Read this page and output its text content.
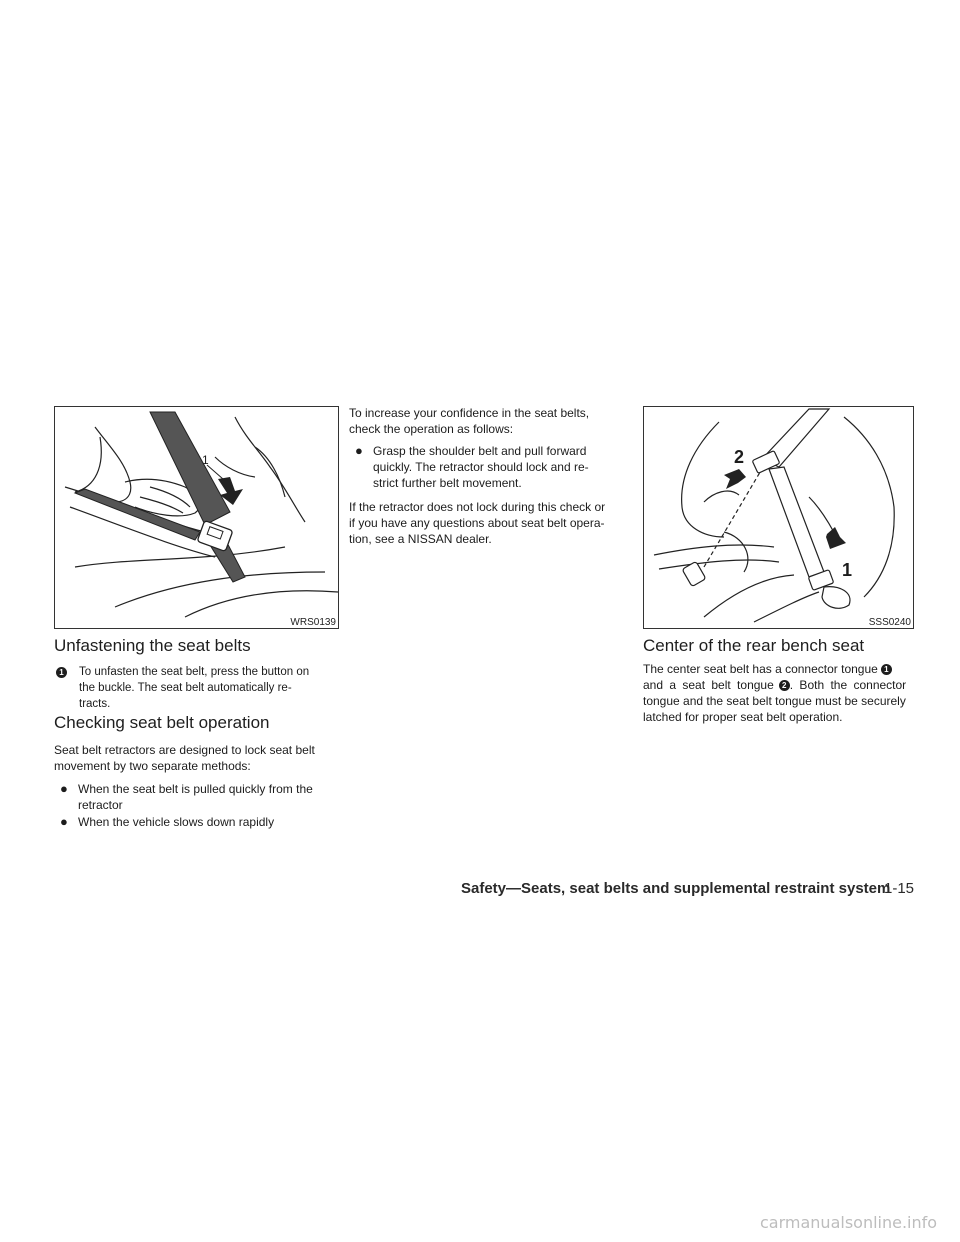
1
WRS0139
Unfastening the seat belts
1 To unfasten the seat belt, press the button on

the buckle. The seat belt automatically re-

tracts.

Checking seat belt operation

Seat belt retractors are designed to lock seat belt

movement by two separate methods:

● When the seat belt is pulled quickly from the
retractor
● When the vehicle slows down rapidly

To increase your confidence in the seat belts,

check the operation as follows:

● Grasp the shoulder belt and pull forward
quickly. The retractor should lock and re-
strict further belt movement.

If the retractor does not lock during this check or

if you have any questions about seat belt opera-

tion, see a NISSAN dealer.

2
1
SSS0240
Center of the rear bench seat

The center seat belt has a connector tongue 1

and a seat belt tongue 2 . Both the connector

tongue and the seat belt tongue must be securely

latched for proper seat belt operation.

Safety—Seats, seat belts and supplemental restraint system
1-15
carmanualsonline.info
